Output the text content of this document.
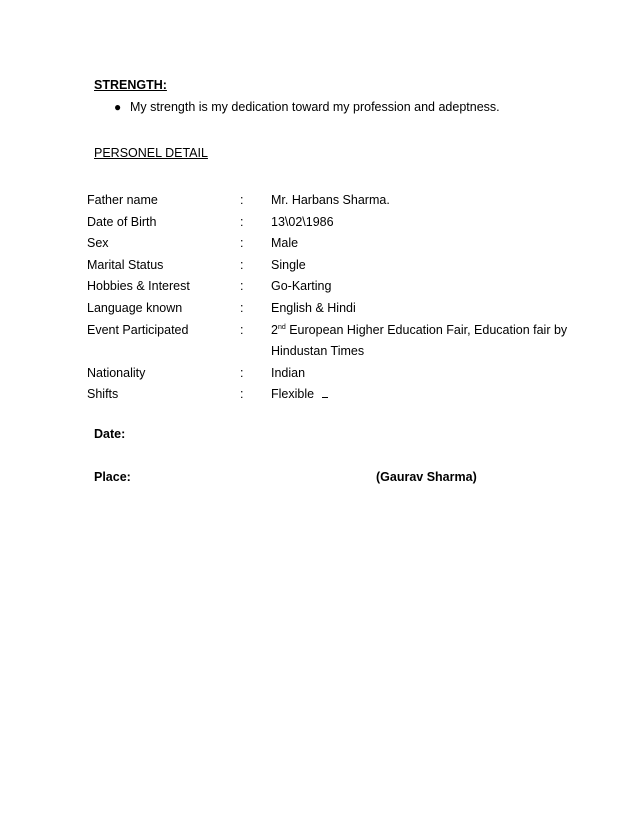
STRENGTH:
● My strength is my dedication toward my profession and adeptness.
PERSONEL DETAIL
Father name	: Mr. Harbans Sharma.
Date of Birth	: 13\02\1986
Sex	: Male
Marital Status	: Single
Hobbies & Interest	: Go-Karting
Language known	: English & Hindi
Event Participated	: 2nd European Higher Education Fair, Education fair by Hindustan Times
Nationality	: Indian
Shifts	: Flexible
Date:
Place:	(Gaurav Sharma)
